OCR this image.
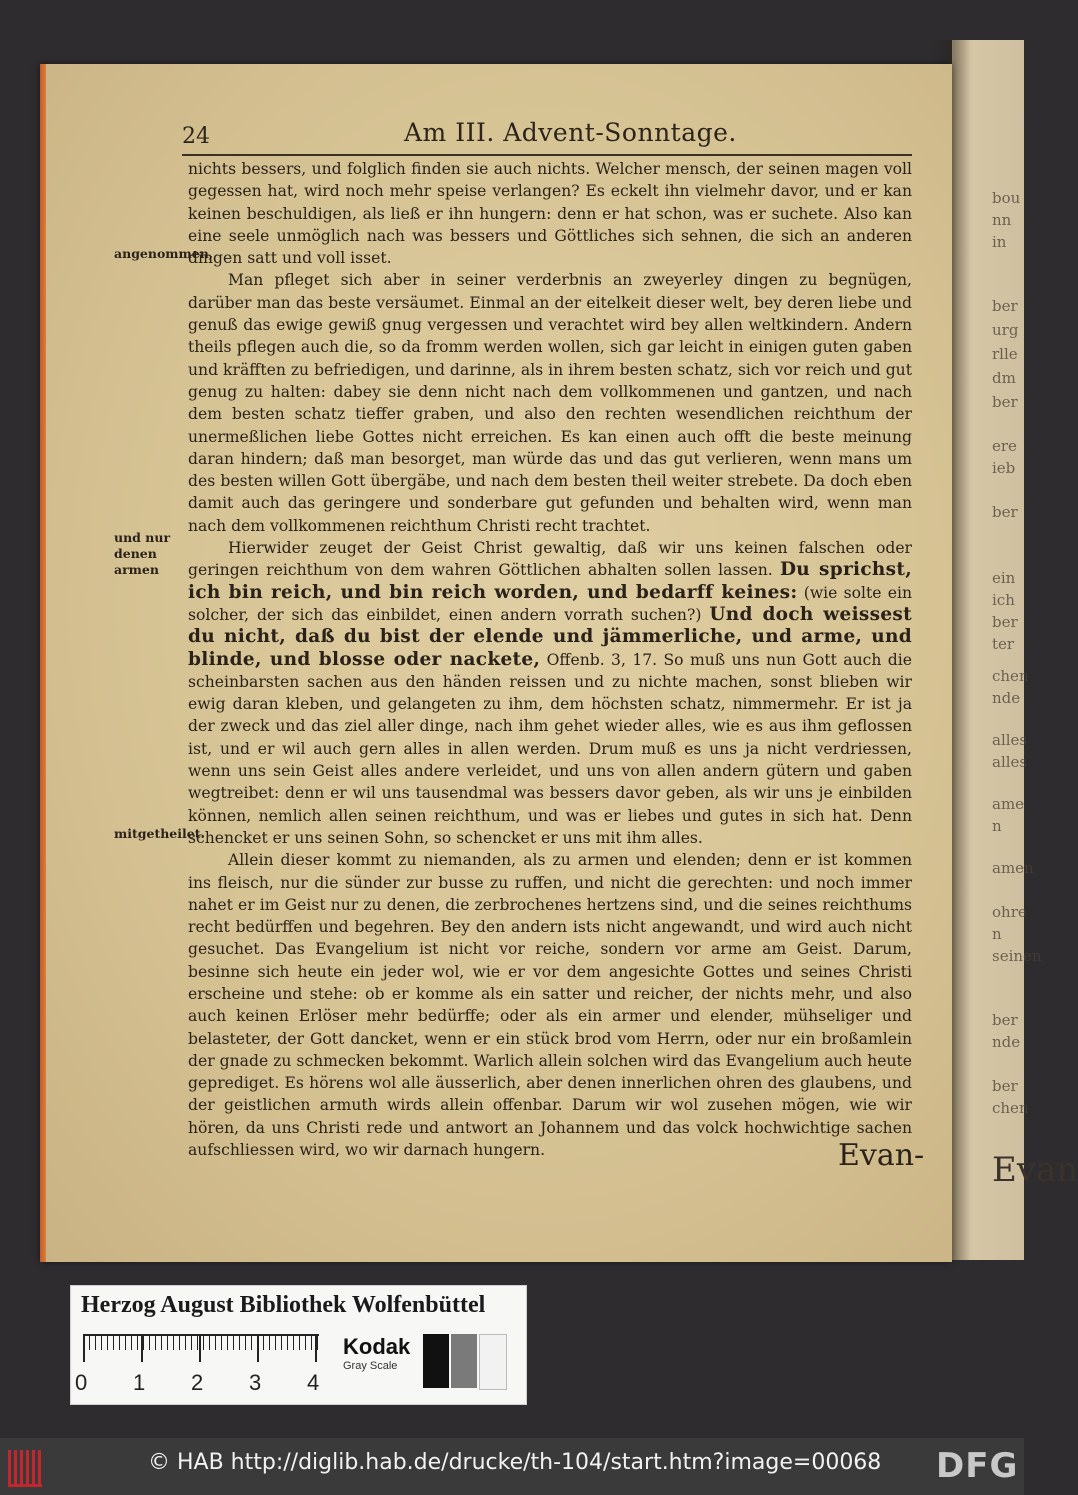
bou
nn
in
ber
urg
rlle
dm
ber
ere
ieb
ber
ein
ich
ber
ter
chen
nde
alles
alles
ame
n
amen
ohre
n
seinen
ber
nde
ber
chen
Evan
24	Am III. Advent-Sonntage.
angenommen,
und nur denen armen
mitgetheilet.

nichts bessers, und folglich finden sie auch nichts. Welcher mensch, der seinen magen voll gegessen hat, wird noch mehr speise verlangen? Es eckelt ihn vielmehr davor, und er kan keinen beschuldigen, als ließ er ihn hungern: denn er hat schon, was er suchete. Also kan eine seele unmöglich nach was bessers und Göttliches sich sehnen, die sich an anderen dingen satt und voll isset.

Man pfleget sich aber in seiner verderbnis an zweyerley dingen zu begnügen, darüber man das beste versäumet. Einmal an der eitelkeit dieser welt, bey deren liebe und genuß das ewige gewiß gnug vergessen und verachtet wird bey allen weltkindern. Andern theils pflegen auch die, so da fromm werden wollen, sich gar leicht in einigen guten gaben und kräfften zu befriedigen, und darinne, als in ihrem besten schatz, sich vor reich und gut genug zu halten: dabey sie denn nicht nach dem vollkommenen und gantzen, und nach dem besten schatz tieffer graben, und also den rechten wesendlichen reichthum der unermeßlichen liebe Gottes nicht erreichen. Es kan einen auch offt die beste meinung daran hindern; daß man besorget, man würde das und das gut verlieren, wenn mans um des besten willen Gott übergäbe, und nach dem besten theil weiter strebete. Da doch eben damit auch das geringere und sonderbare gut gefunden und behalten wird, wenn man nach dem vollkommenen reichthum Christi recht trachtet.

Hierwider zeuget der Geist Christ gewaltig, daß wir uns keinen falschen oder geringen reichthum von dem wahren Göttlichen abhalten sollen lassen. Du sprichst, ich bin reich, und bin reich worden, und bedarff keines: (wie solte ein solcher, der sich das einbildet, einen andern vorrath suchen?) Und doch weissest du nicht, daß du bist der elende und jämmerliche, und arme, und blinde, und blosse oder nackete, Offenb. 3, 17. So muß uns nun Gott auch die scheinbarsten sachen aus den händen reissen und zu nichte machen, sonst blieben wir ewig daran kleben, und gelangeten zu ihm, dem höchsten schatz, nimmermehr. Er ist ja der zweck und das ziel aller dinge, nach ihm gehet wieder alles, wie es aus ihm geflossen ist, und er wil auch gern alles in allen werden. Drum muß es uns ja nicht verdriessen, wenn uns sein Geist alles andere verleidet, und uns von allen andern gütern und gaben wegtreibet: denn er wil uns tausendmal was bessers davor geben, als wir uns je einbilden können, nemlich allen seinen reichthum, und was er liebes und gutes in sich hat. Denn schencket er uns seinen Sohn, so schencket er uns mit ihm alles.

Allein dieser kommt zu niemanden, als zu armen und elenden; denn er ist kommen ins fleisch, nur die sünder zur busse zu ruffen, und nicht die gerechten: und noch immer nahet er im Geist nur zu denen, die zerbrochenes hertzens sind, und die seines reichthums recht bedürffen und begehren. Bey den andern ists nicht angewandt, und wird auch nicht gesuchet. Das Evangelium ist nicht vor reiche, sondern vor arme am Geist. Darum, besinne sich heute ein jeder wol, wie er vor dem angesichte Gottes und seines Christi erscheine und stehe: ob er komme als ein satter und reicher, der nichts mehr, und also auch keinen Erlöser mehr bedürffe; oder als ein armer und elender, mühseliger und belasteter, der Gott dancket, wenn er ein stück brod vom Herrn, oder nur ein broßamlein der gnade zu schmecken bekommt. Warlich allein solchen wird das Evangelium auch heute geprediget. Es hörens wol alle äusserlich, aber denen innerlichen ohren des glaubens, und der geistlichen armuth wirds allein offenbar. Darum wir wol zusehen mögen, wie wir hören, da uns Christi rede und antwort an Johannem und das volck hochwichtige sachen aufschliessen wird, wo wir darnach hungern.	Evan-
Herzog August Bibliothek Wolfenbüttel
0 1 2 3 4
Kodak
Gray Scale
© HAB http://diglib.hab.de/drucke/th-104/start.htm?image=00068 DFG
